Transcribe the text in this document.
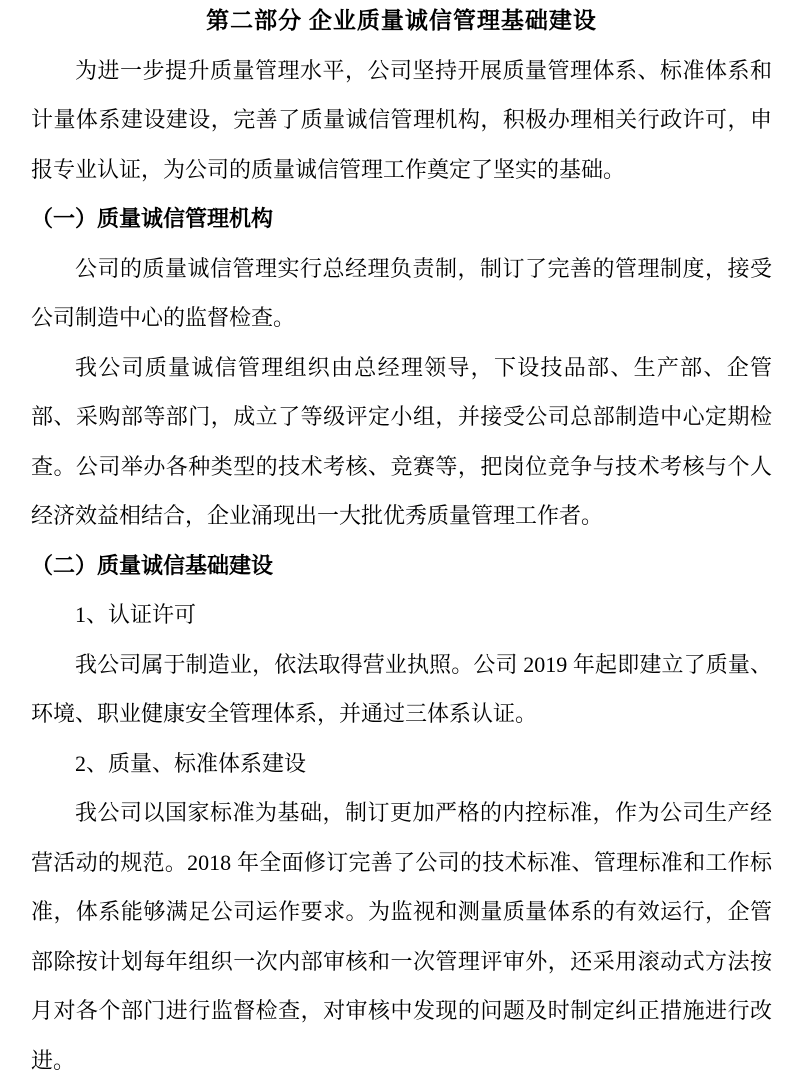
第二部分 企业质量诚信管理基础建设

为进一步提升质量管理水平，公司坚持开展质量管理体系、标准体系和计量体系建设建设，完善了质量诚信管理机构，积极办理相关行政许可，申报专业认证，为公司的质量诚信管理工作奠定了坚实的基础。

（一）质量诚信管理机构

公司的质量诚信管理实行总经理负责制，制订了完善的管理制度，接受公司制造中心的监督检查。

我公司质量诚信管理组织由总经理领导，下设技品部、生产部、企管部、采购部等部门，成立了等级评定小组，并接受公司总部制造中心定期检查。公司举办各种类型的技术考核、竞赛等，把岗位竞争与技术考核与个人经济效益相结合，企业涌现出一大批优秀质量管理工作者。

（二）质量诚信基础建设

1、认证许可

我公司属于制造业，依法取得营业执照。公司 2019 年起即建立了质量、环境、职业健康安全管理体系，并通过三体系认证。

2、质量、标准体系建设

我公司以国家标准为基础，制订更加严格的内控标准，作为公司生产经营活动的规范。2018 年全面修订完善了公司的技术标准、管理标准和工作标准，体系能够满足公司运作要求。为监视和测量质量体系的有效运行，企管部除按计划每年组织一次内部审核和一次管理评审外，还采用滚动式方法按月对各个部门进行监督检查，对审核中发现的问题及时制定纠正措施进行改进。
